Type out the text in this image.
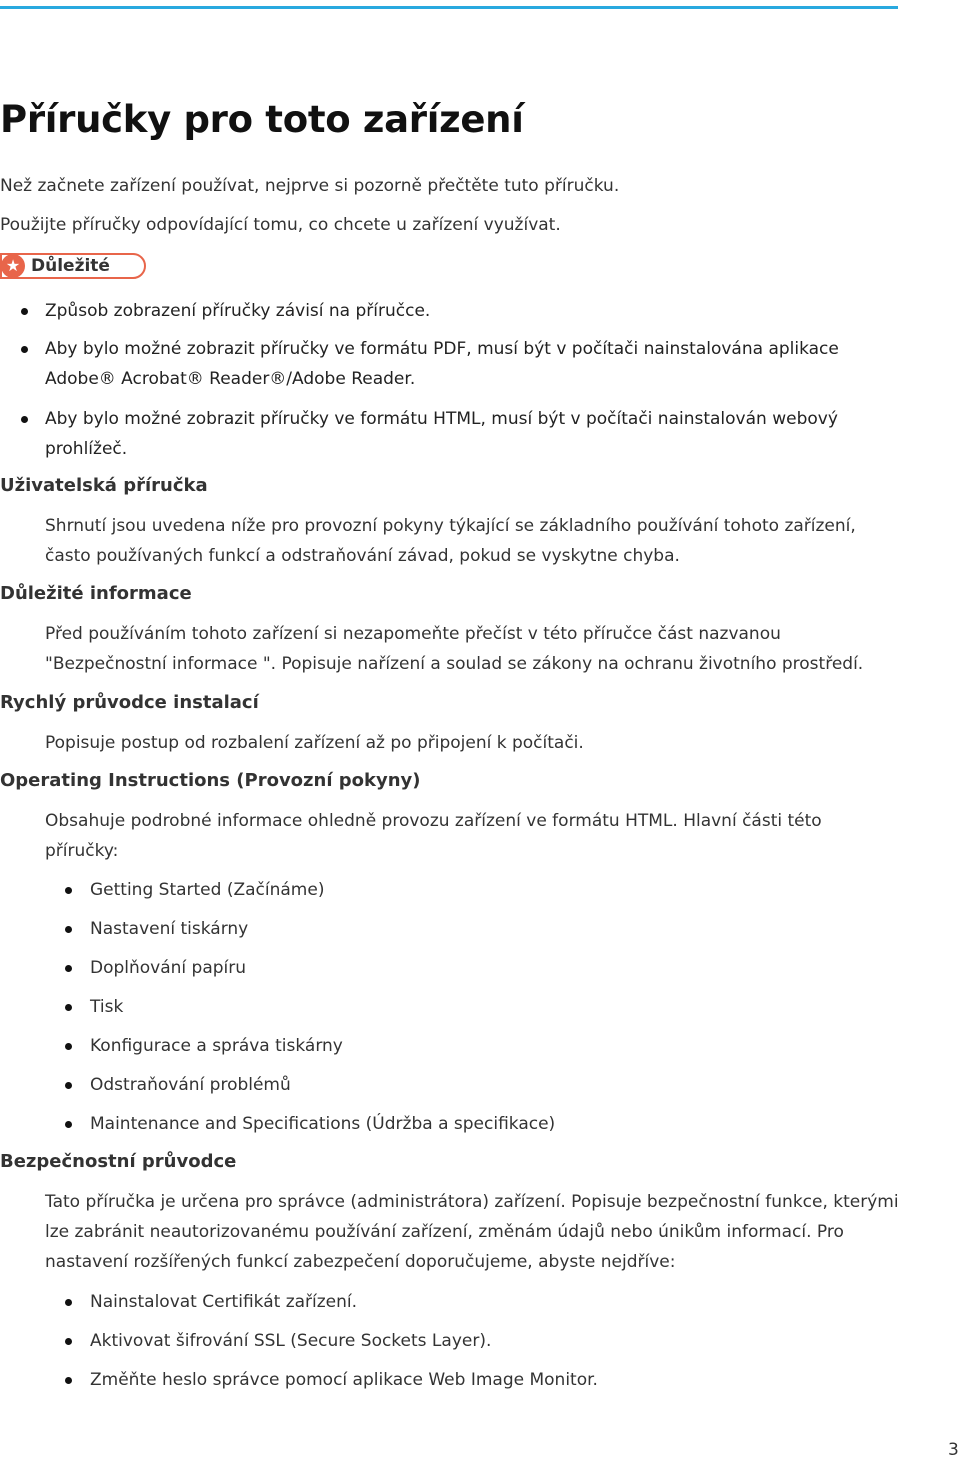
Příručky pro toto zařízení

Než začnete zařízení používat, nejprve si pozorně přečtěte tuto příručku.

Použijte příručky odpovídající tomu, co chcete u zařízení využívat.

★ Důležité
Způsob zobrazení příručky závisí na příručce.
Aby bylo možné zobrazit příručky ve formátu PDF, musí být v počítači nainstalována aplikace Adobe® Acrobat® Reader®/Adobe Reader.
Aby bylo možné zobrazit příručky ve formátu HTML, musí být v počítači nainstalován webový prohlížeč.
Uživatelská příručka

Shrnutí jsou uvedena níže pro provozní pokyny týkající se základního používání tohoto zařízení, často používaných funkcí a odstraňování závad, pokud se vyskytne chyba.

Důležité informace

Před používáním tohoto zařízení si nezapomeňte přečíst v této příručce část nazvanou "Bezpečnostní informace ". Popisuje nařízení a soulad se zákony na ochranu životního prostředí.

Rychlý průvodce instalací

Popisuje postup od rozbalení zařízení až po připojení k počítači.

Operating Instructions (Provozní pokyny)

Obsahuje podrobné informace ohledně provozu zařízení ve formátu HTML. Hlavní části této příručky:

Getting Started (Začínáme)
Nastavení tiskárny
Doplňování papíru
Tisk
Konfigurace a správa tiskárny
Odstraňování problémů
Maintenance and Specifications (Údržba a specifikace)
Bezpečnostní průvodce

Tato příručka je určena pro správce (administrátora) zařízení. Popisuje bezpečnostní funkce, kterými lze zabránit neautorizovanému používání zařízení, změnám údajů nebo únikům informací. Pro nastavení rozšířených funkcí zabezpečení doporučujeme, abyste nejdříve:

Nainstalovat Certifikát zařízení.
Aktivovat šifrování SSL (Secure Sockets Layer).
Změňte heslo správce pomocí aplikace Web Image Monitor.
3
